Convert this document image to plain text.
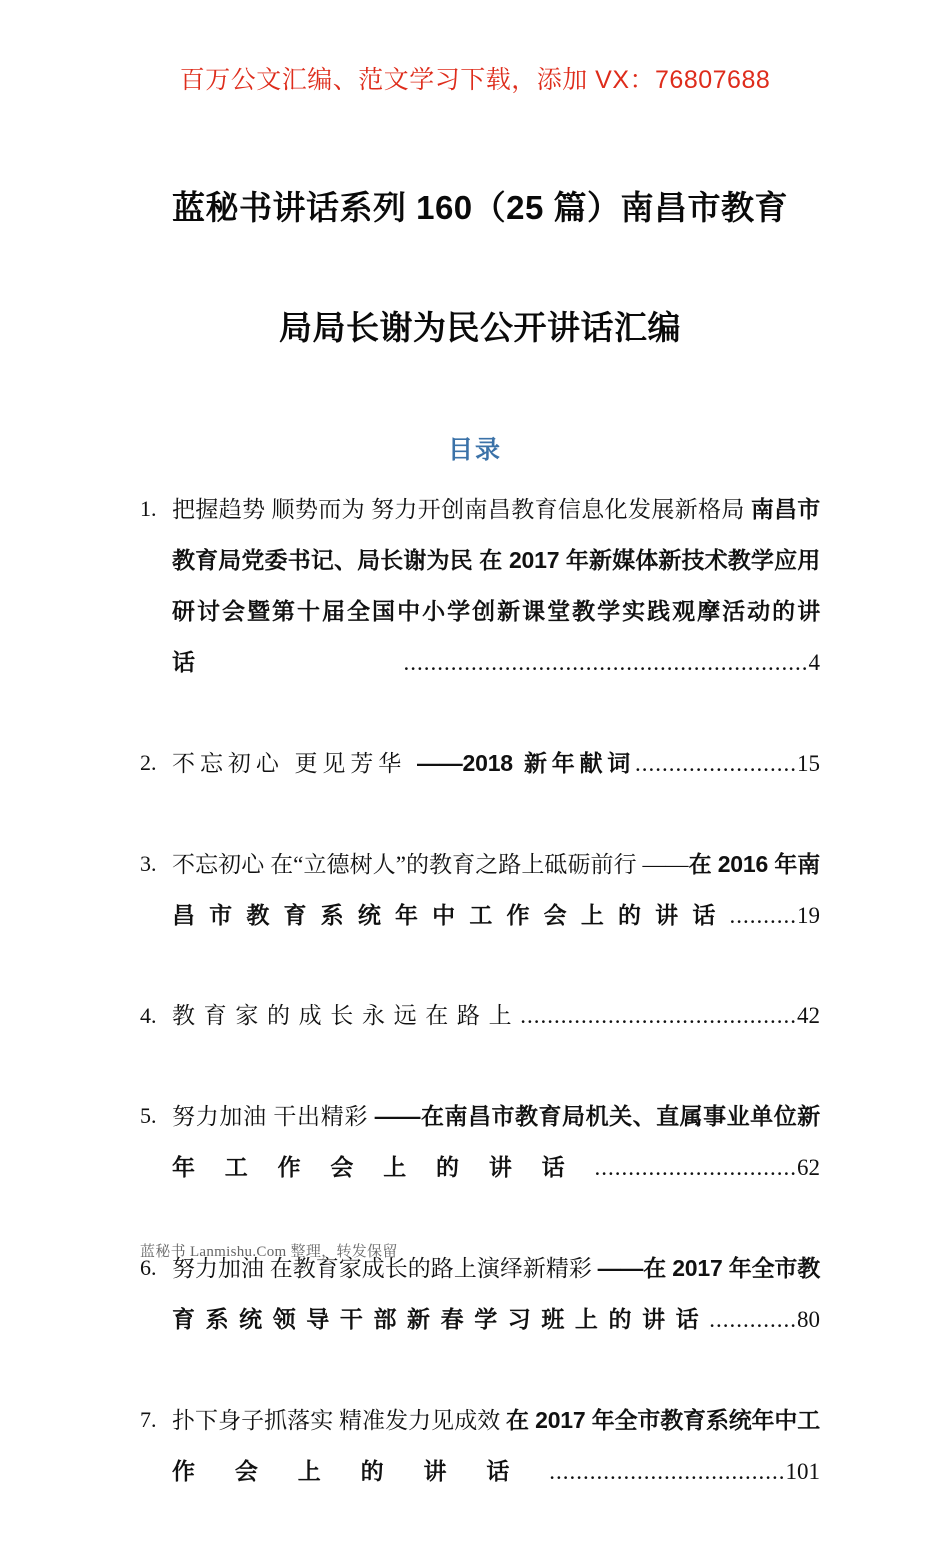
百万公文汇编、范文学习下载，添加 VX：76807688
蓝秘书讲话系列 160（25 篇）南昌市教育
局局长谢为民公开讲话汇编
目录
1. 把握趋势 顺势而为 努力开创南昌教育信息化发展新格局 南昌市教育局党委书记、局长谢为民 在 2017 年新媒体新技术教学应用研讨会暨第十届全国中小学创新课堂教学实践观摩活动的讲话............................................................4
2. 不忘初心 更见芳华 ——2018 新年献词........................15
3. 不忘初心 在“立德树人”的教育之路上砥砺前行 ——在 2016 年南昌市教育系统年中工作会上的讲话..........19
4. 教育家的成长永远在路上.........................................42
5. 努力加油 干出精彩 ——在南昌市教育局机关、直属事业单位新年工作会上的讲话..............................62
6. 努力加油 在教育家成长的路上演绎新精彩 ——在 2017 年全市教育系统领导干部新春学习班上的讲话.............80
7. 扑下身子抓落实 精准发力见成效 在 2017 年全市教育系统年中工作会上的讲话...................................101
蓝秘书 Lanmishu.Com 整理，转发保留
